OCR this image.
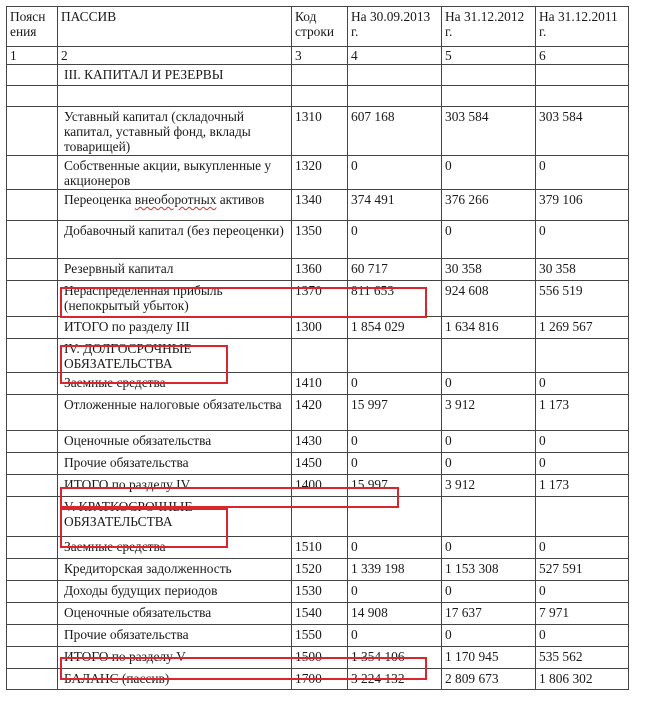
Поясн ения	ПАССИВ	Код строки	На 30.09.2013 г.	На 31.12.2012 г.	На 31.12.2011 г.
1	2	3	4	5	6
	III. КАПИТАЛ И РЕЗЕРВЫ				

	Уставный капитал (складочный капитал, уставный фонд, вклады товарищей)	1310	607 168	303 584	303 584
	Собственные акции, выкупленные у акционеров	1320	0	0	0
	Переоценка внеоборотных активов	1340	374 491	376 266	379 106
	Добавочный капитал (без переоценки)	1350	0	0	0
	Резервный капитал	1360	60 717	30 358	30 358
	Нераспределенная прибыль (непокрытый убыток)	1370	811 653	924 608	556 519
	ИТОГО по разделу III	1300	1 854 029	1 634 816	1 269 567
	IV. ДОЛГОСРОЧНЫЕ ОБЯЗАТЕЛЬСТВА				
	Заемные средства	1410	0	0	0
	Отложенные налоговые обязательства	1420	15 997	3 912	1 173
	Оценочные обязательства	1430	0	0	0
	Прочие обязательства	1450	0	0	0
	ИТОГО по разделу IV	1400	15 997	3 912	1 173
	V. КРАТКОСРОЧНЫЕ ОБЯЗАТЕЛЬСТВА				
	Заемные средства	1510	0	0	0
	Кредиторская задолженность	1520	1 339 198	1 153 308	527 591
	Доходы будущих периодов	1530	0	0	0
	Оценочные обязательства	1540	14 908	17 637	7 971
	Прочие обязательства	1550	0	0	0
	ИТОГО по разделу V	1500	1 354 106	1 170 945	535 562
	БАЛАНС (пассив)	1700	3 224 132	2 809 673	1 806 302
